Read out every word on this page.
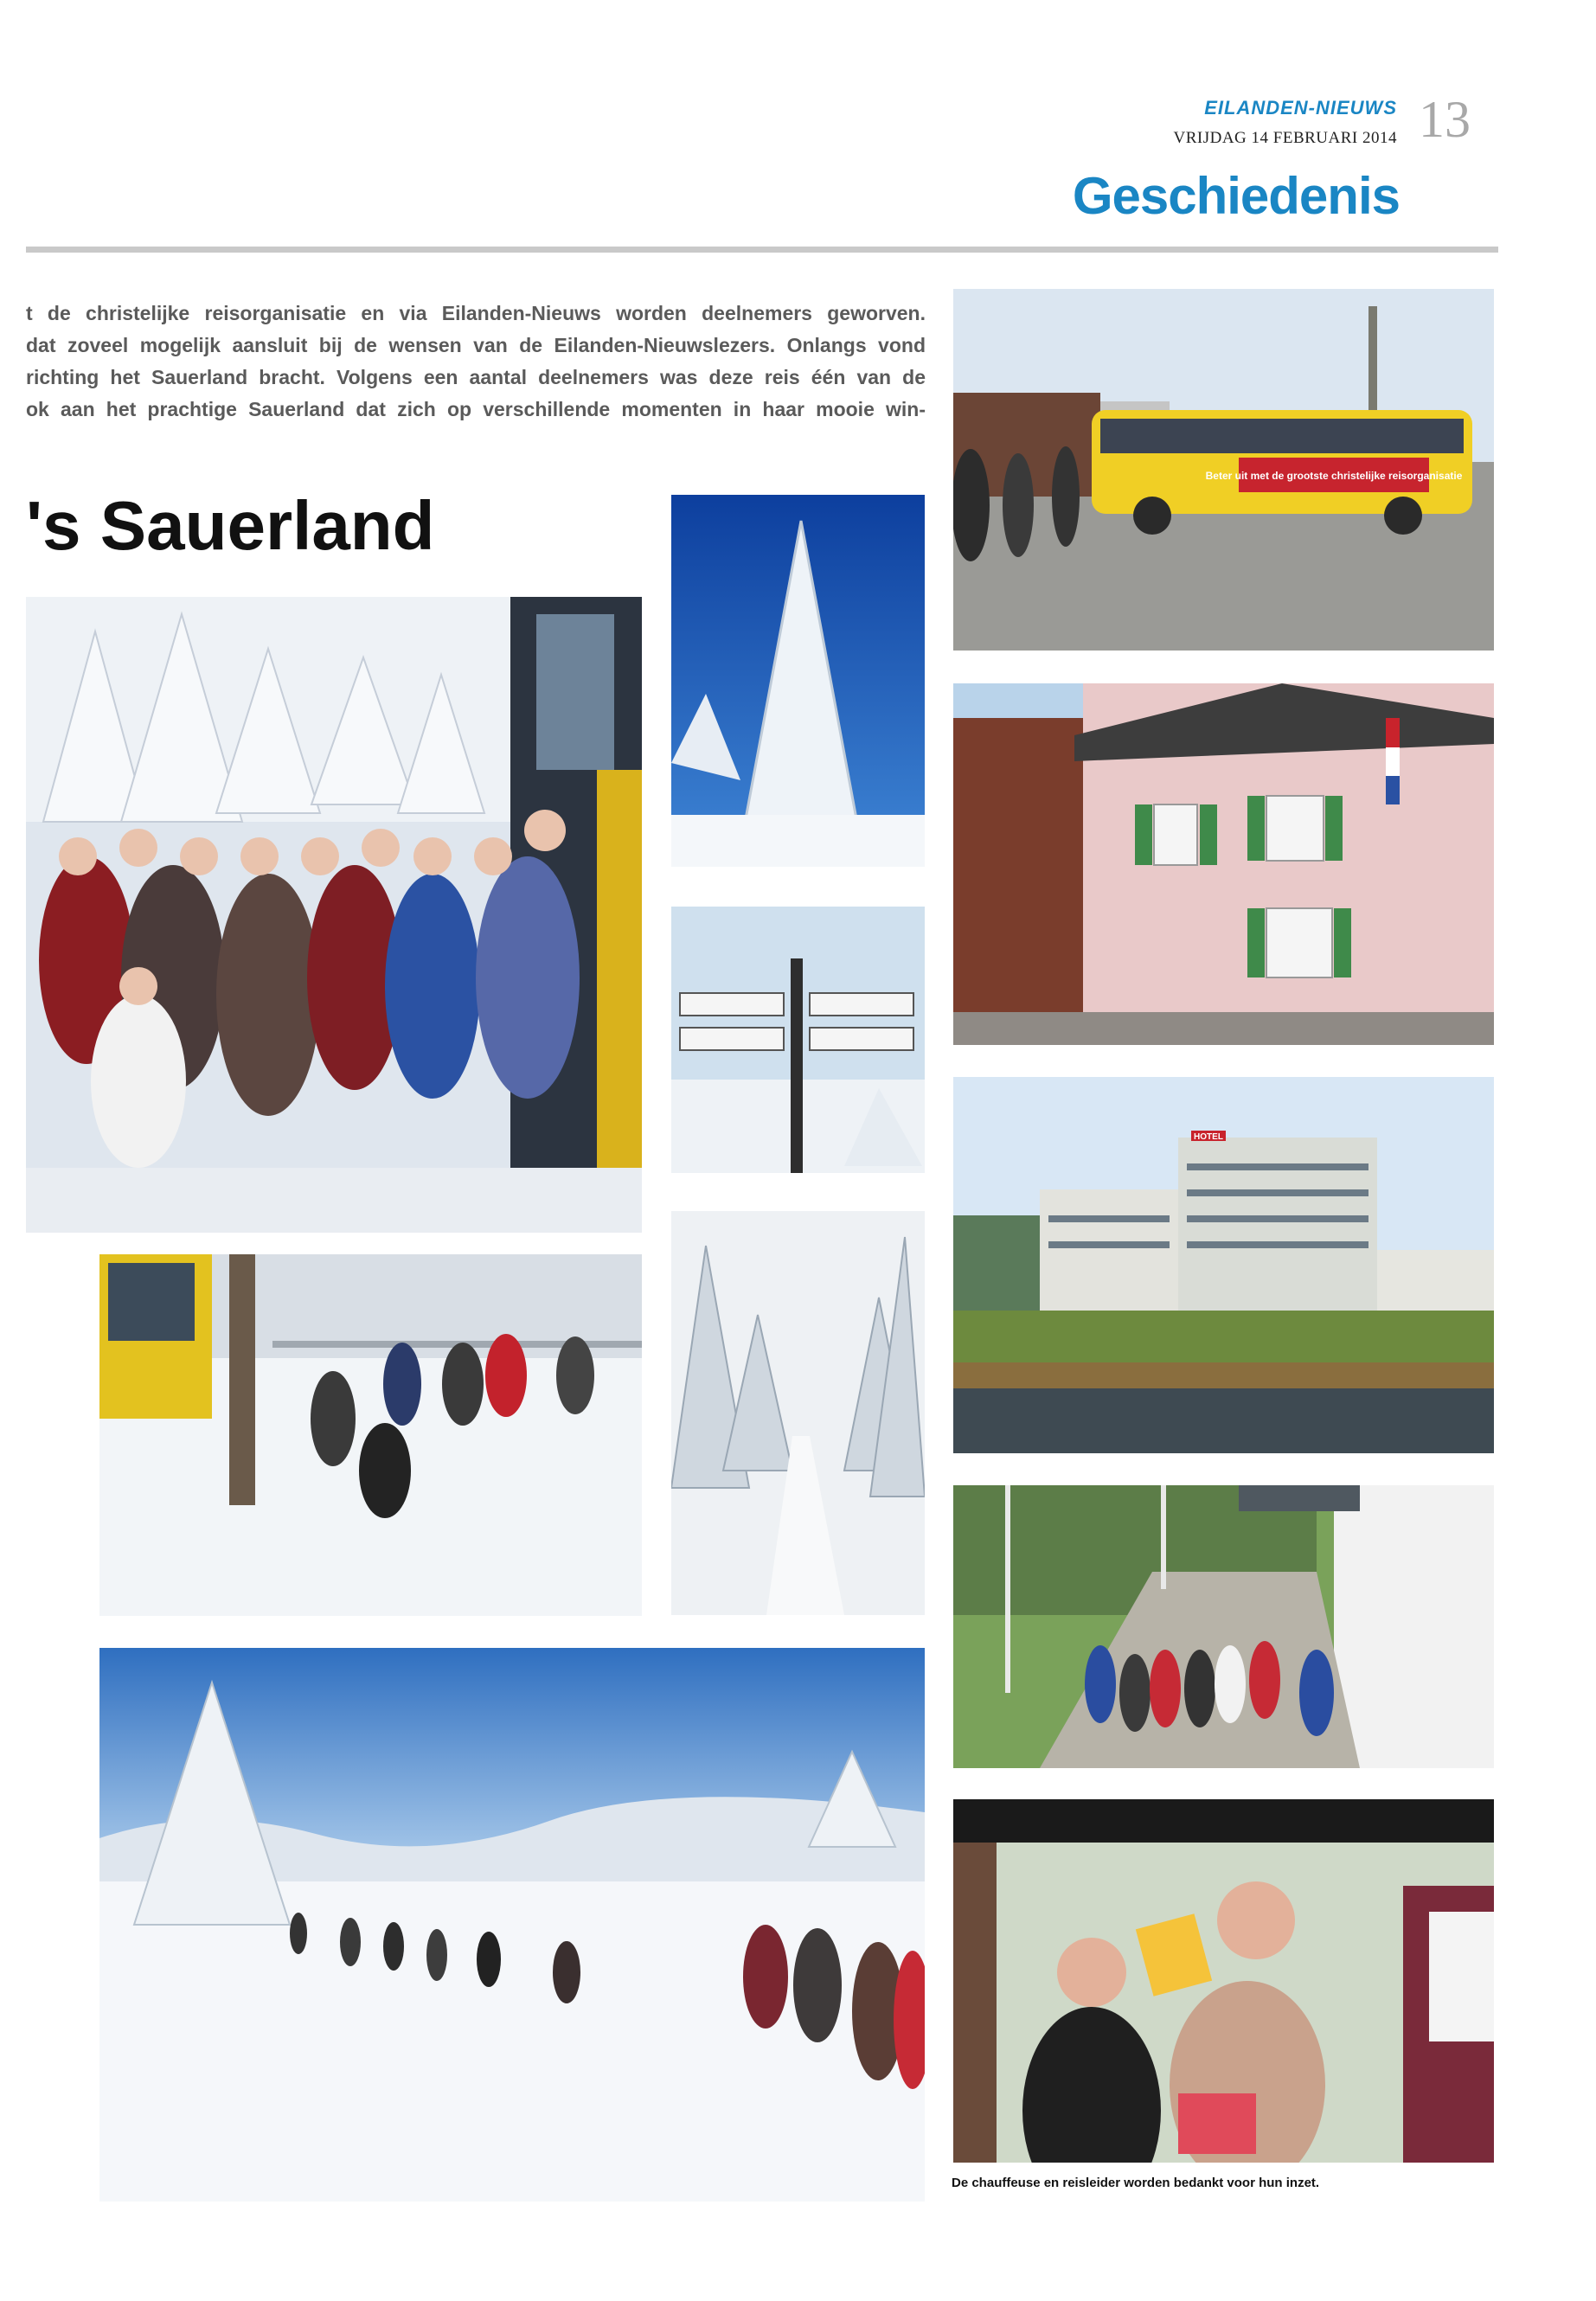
EILANDEN-NIEUWS
VRIJDAG 14 FEBRUARI 2014 13
Geschiedenis
t de christelijke reisorganisatie en via Eilanden-Nieuws worden deelnemers geworven.
dat zoveel mogelijk aansluit bij de wensen van de Eilanden-Nieuwslezers. Onlangs vond
richting het Sauerland bracht. Volgens een aantal deelnemers was deze reis één van de
ok aan het prachtige Sauerland dat zich op verschillende momenten in haar mooie win-
's Sauerland
Beter uit met de grootste christelijke reisorganisatie
HOTEL
De chauffeuse en reisleider worden bedankt voor hun inzet.
